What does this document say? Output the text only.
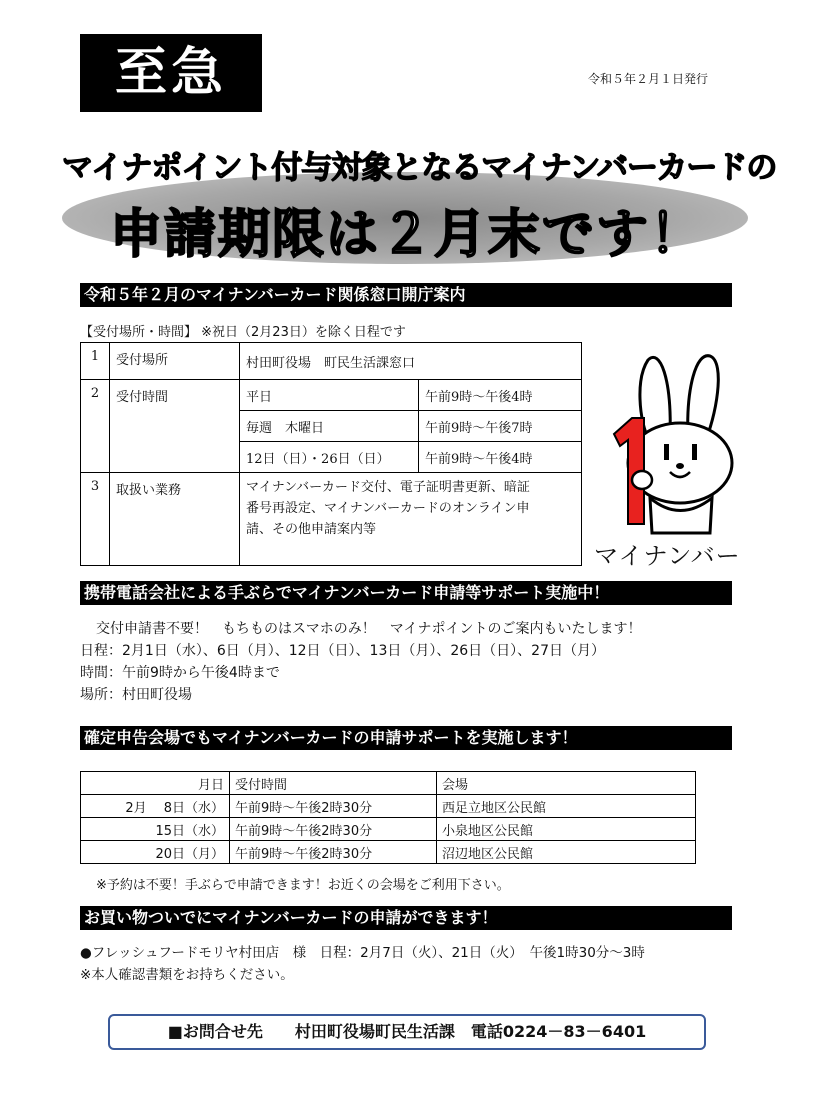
至急	令和５年２月１日発行
マイナポイント付与対象となるマイナンバーカードの
申請期限は２月末です！
令和５年２月のマイナンバーカード関係窓口開庁案内
【受付場所・時間】 ※祝日（2月23日）を除く日程です
1	受付場所	村田町役場　町民生活課窓口	
2	受付時間	平日	午前9時～午後4時
		毎週　木曜日	午前9時～午後7時
		12日（日）・26日（日）	午前9時～午後4時
3	取扱い業務	マイナンバーカード交付、電子証明書更新、暗証
番号再設定、マイナンバーカードのオンライン申
請、その他申請案内等	
マイナンバー
携帯電話会社による手ぶらでマイナンバーカード申請等サポート実施中！
交付申請書不要！　もちものはスマホのみ！　マイナポイントのご案内もいたします！
日程：2月1日（水）、6日（月）、12日（日）、13日（月）、26日（日）、27日（月）
時間：午前9時から午後4時まで
場所：村田町役場
確定申告会場でもマイナンバーカードの申請サポートを実施します！
月日	受付時間	会場
2月　 8日（水）	午前9時～午後2時30分	西足立地区公民館
15日（水）	午前9時～午後2時30分	小泉地区公民館
20日（月）	午前9時～午後2時30分	沼辺地区公民館
※予約は不要！手ぶらで申請できます！お近くの会場をご利用下さい。
お買い物ついでにマイナンバーカードの申請ができます！
●フレッシュフードモリヤ村田店　様　日程：2月7日（火）、21日（火）　午後1時30分～3時
※本人確認書類をお持ちください。
■お問合せ先　　村田町役場町民生活課　電話0224－83－6401
